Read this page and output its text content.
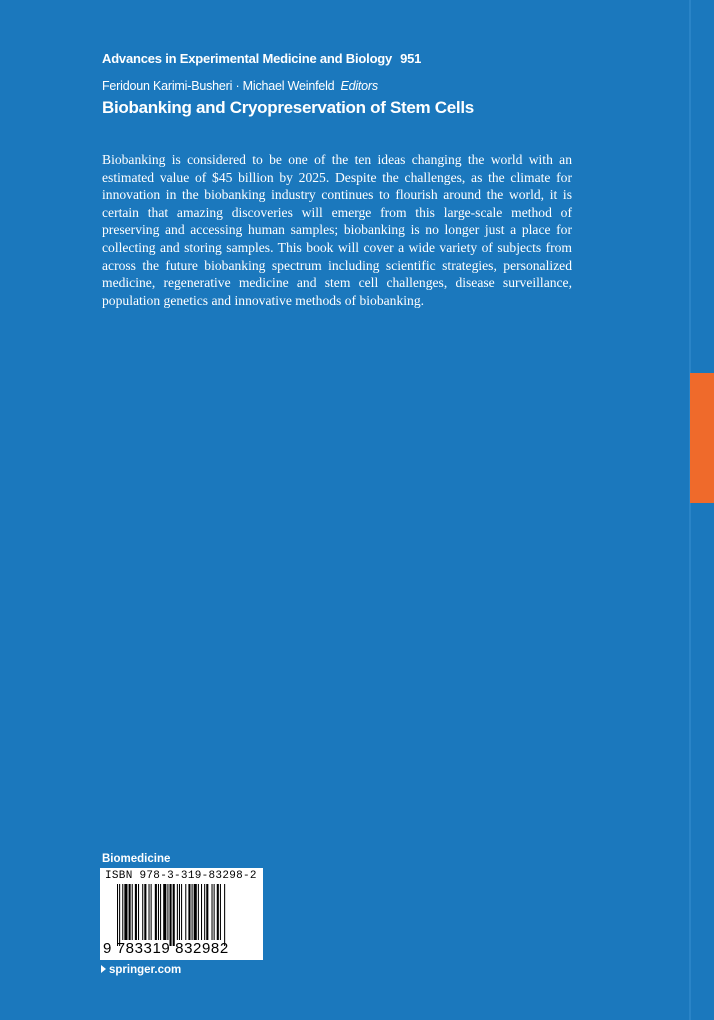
Advances in Experimental Medicine and Biology 951
Feridoun Karimi-Busheri · Michael Weinfeld Editors
Biobanking and Cryopreservation of Stem Cells

Biobanking is considered to be one of the ten ideas changing the world with an estimated value of $45 billion by 2025. Despite the challenges, as the climate for innovation in the biobanking industry continues to flourish around the world, it is certain that amazing discoveries will emerge from this large-scale method of preserving and accessing human samples; biobanking is no longer just a place for collecting and storing samples. This book will cover a wide variety of subjects from across the future biobanking spectrum including scientific strategies, personalized medicine, regenerative medicine and stem cell challenges, disease surveillance, population genetics and innovative methods of biobanking.

Biomedicine
ISBN 978-3-319-83298-2
9 783319 832982
springer.com
